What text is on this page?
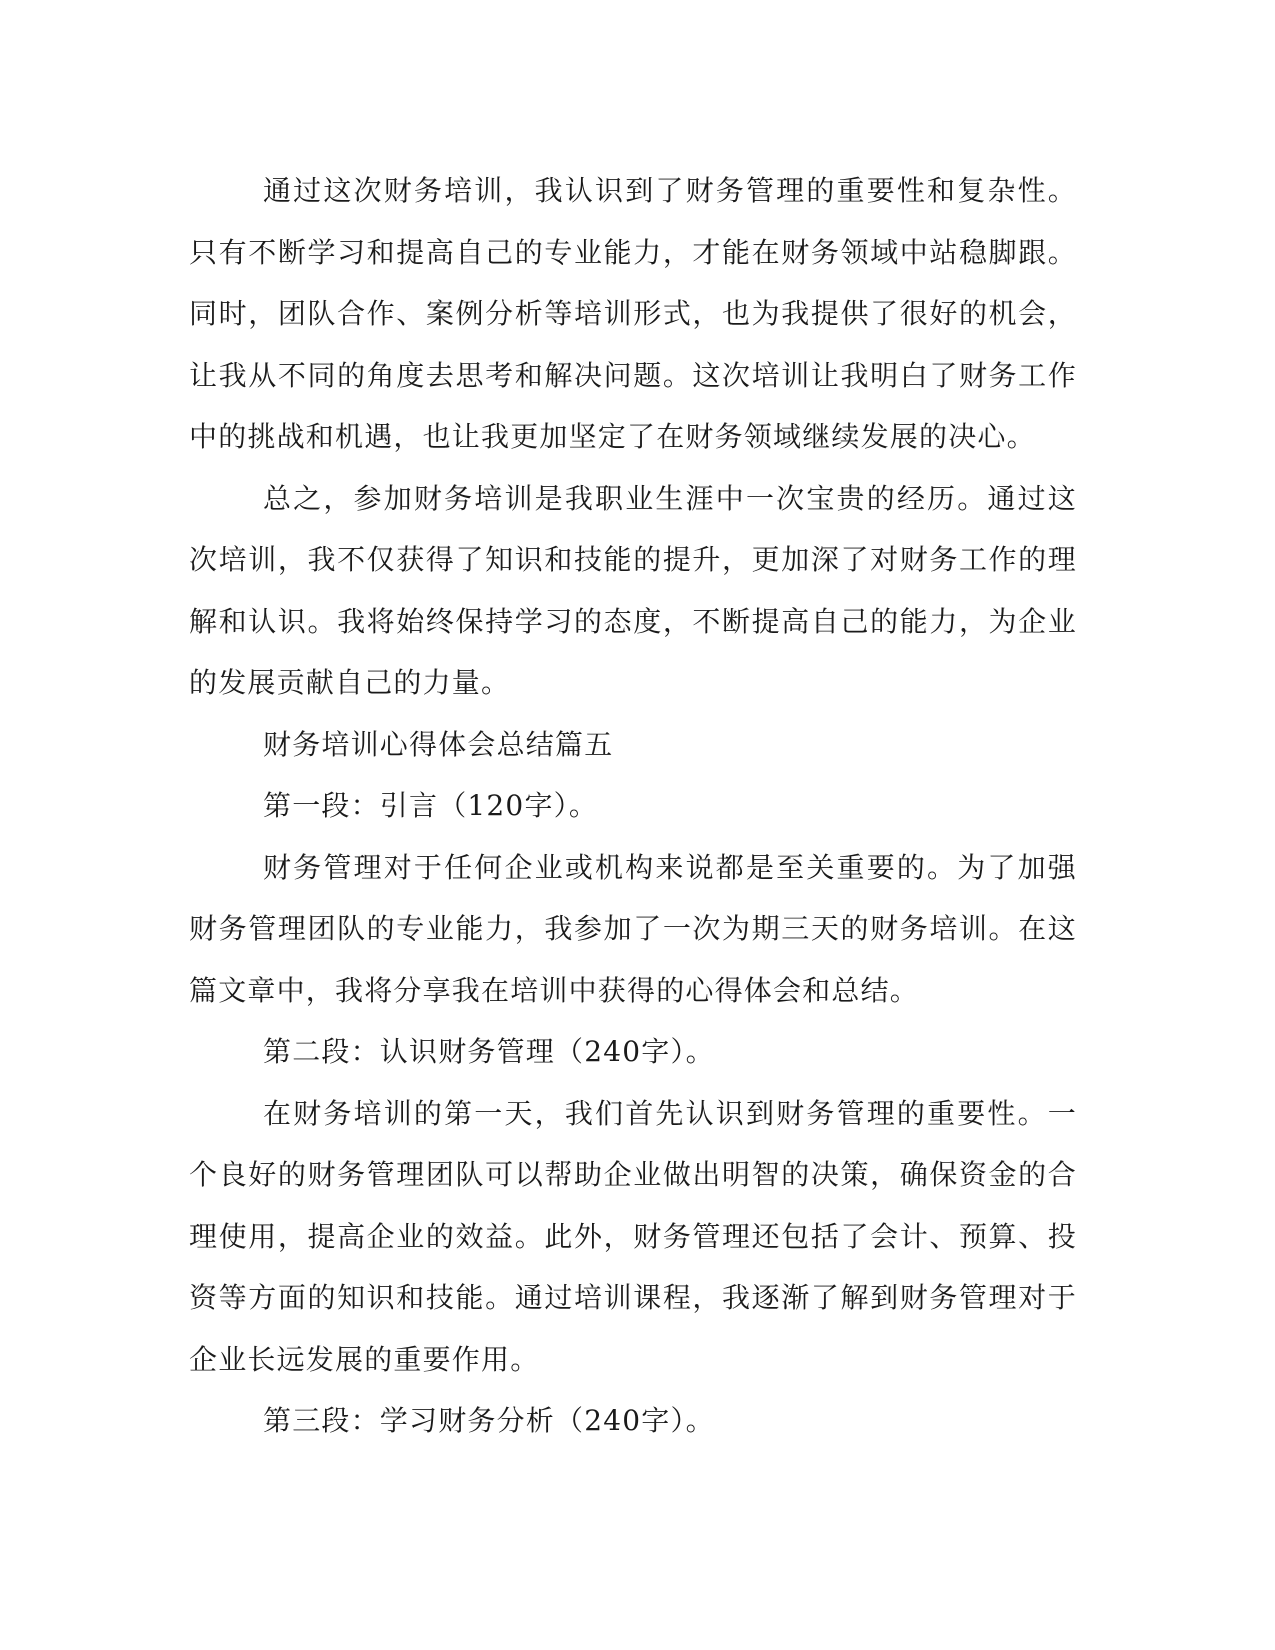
通过这次财务培训，我认识到了财务管理的重要性和复杂性。只有不断学习和提高自己的专业能力，才能在财务领域中站稳脚跟。同时，团队合作、案例分析等培训形式，也为我提供了很好的机会，让我从不同的角度去思考和解决问题。这次培训让我明白了财务工作中的挑战和机遇，也让我更加坚定了在财务领域继续发展的决心。

总之，参加财务培训是我职业生涯中一次宝贵的经历。通过这次培训，我不仅获得了知识和技能的提升，更加深了对财务工作的理解和认识。我将始终保持学习的态度，不断提高自己的能力，为企业的发展贡献自己的力量。

财务培训心得体会总结篇五

第一段：引言（120字）。

财务管理对于任何企业或机构来说都是至关重要的。为了加强财务管理团队的专业能力，我参加了一次为期三天的财务培训。在这篇文章中，我将分享我在培训中获得的心得体会和总结。

第二段：认识财务管理（240字）。

在财务培训的第一天，我们首先认识到财务管理的重要性。一个良好的财务管理团队可以帮助企业做出明智的决策，确保资金的合理使用，提高企业的效益。此外，财务管理还包括了会计、预算、投资等方面的知识和技能。通过培训课程，我逐渐了解到财务管理对于企业长远发展的重要作用。

第三段：学习财务分析（240字）。
